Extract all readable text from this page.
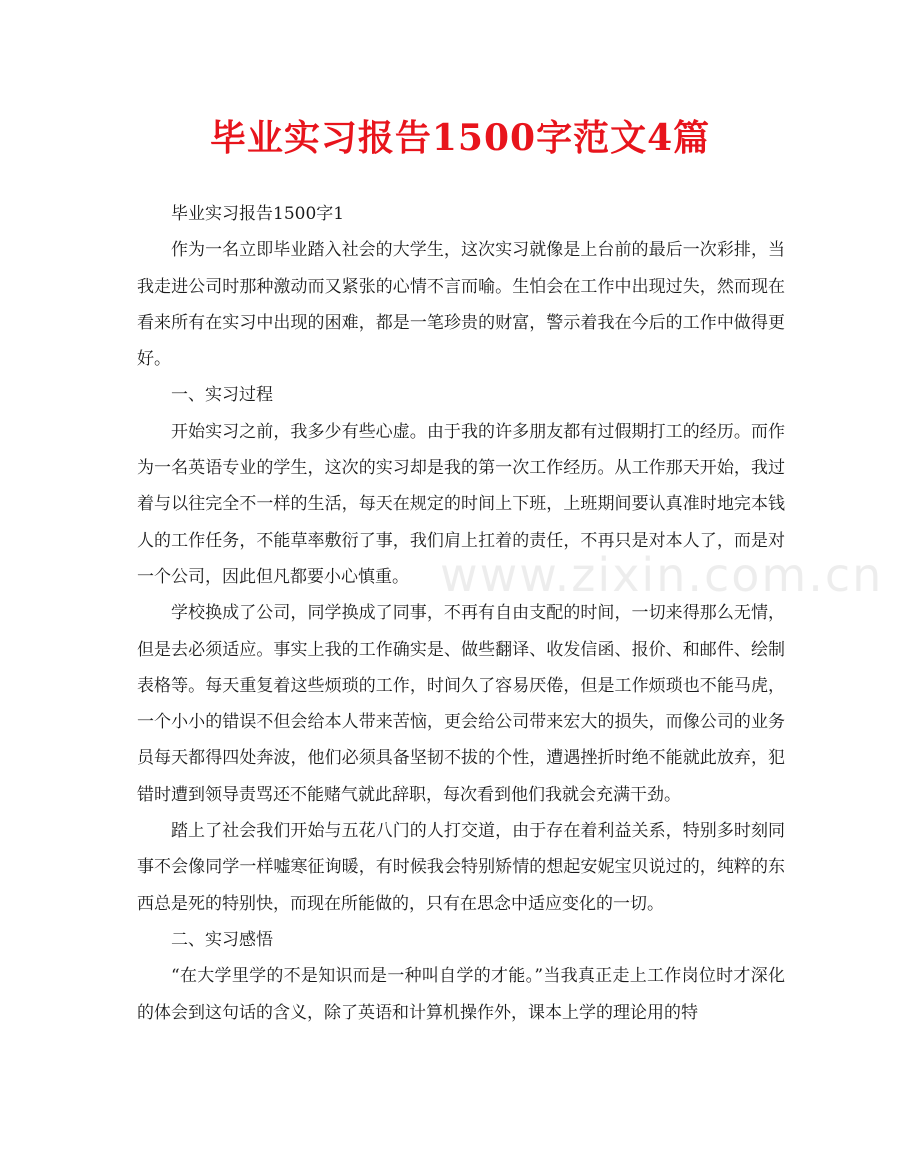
毕业实习报告1500字范文4篇

毕业实习报告1500字1

作为一名立即毕业踏入社会的大学生，这次实习就像是上台前的最后一次彩排，当我走进公司时那种激动而又紧张的心情不言而喻。生怕会在工作中出现过失，然而现在看来所有在实习中出现的困难，都是一笔珍贵的财富，警示着我在今后的工作中做得更好。

一、实习过程

开始实习之前，我多少有些心虚。由于我的许多朋友都有过假期打工的经历。而作为一名英语专业的学生，这次的实习却是我的第一次工作经历。从工作那天开始，我过着与以往完全不一样的生活，每天在规定的时间上下班，上班期间要认真准时地完本钱人的工作任务，不能草率敷衍了事，我们肩上扛着的责任，不再只是对本人了，而是对一个公司，因此但凡都要小心慎重。

学校换成了公司，同学换成了同事，不再有自由支配的时间，一切来得那么无情，但是去必须适应。事实上我的工作确实是、做些翻译、收发信函、报价、和邮件、绘制表格等。每天重复着这些烦琐的工作，时间久了容易厌倦，但是工作烦琐也不能马虎，一个小小的错误不但会给本人带来苦恼，更会给公司带来宏大的损失，而像公司的业务员每天都得四处奔波，他们必须具备坚韧不拔的个性，遭遇挫折时绝不能就此放弃，犯错时遭到领导责骂还不能赌气就此辞职，每次看到他们我就会充满干劲。

踏上了社会我们开始与五花八门的人打交道，由于存在着利益关系，特别多时刻同事不会像同学一样嘘寒征询暖，有时候我会特别矫情的想起安妮宝贝说过的，纯粹的东西总是死的特别快，而现在所能做的，只有在思念中适应变化的一切。

二、实习感悟

“在大学里学的不是知识而是一种叫自学的才能。”当我真正走上工作岗位时才深化的体会到这句话的含义，除了英语和计算机操作外，课本上学的理论用的特

www.zixin.com.cn
